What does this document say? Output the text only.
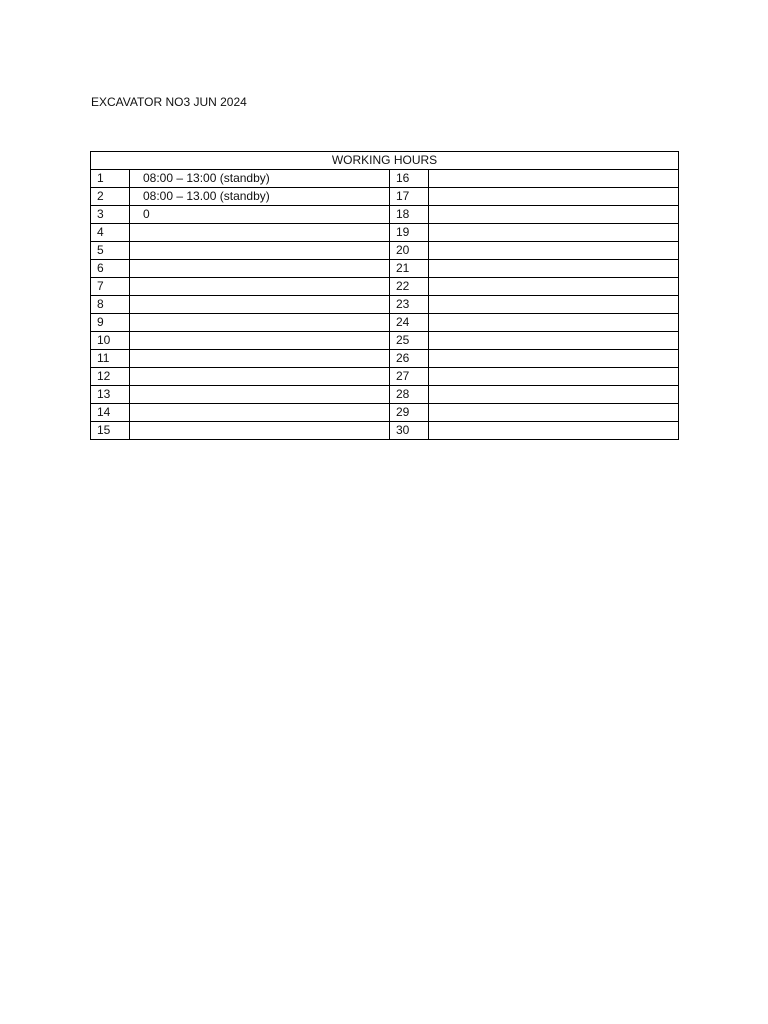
EXCAVATOR NO3 JUN 2024
WORKING HOURS			
1	08:00 – 13:00 (standby)	16	
2	08:00 – 13.00 (standby)	17	
3	0	18	
4		19	
5		20	
6		21	
7		22	
8		23	
9		24	
10		25	
11		26	
12		27	
13		28	
14		29	
15		30	
